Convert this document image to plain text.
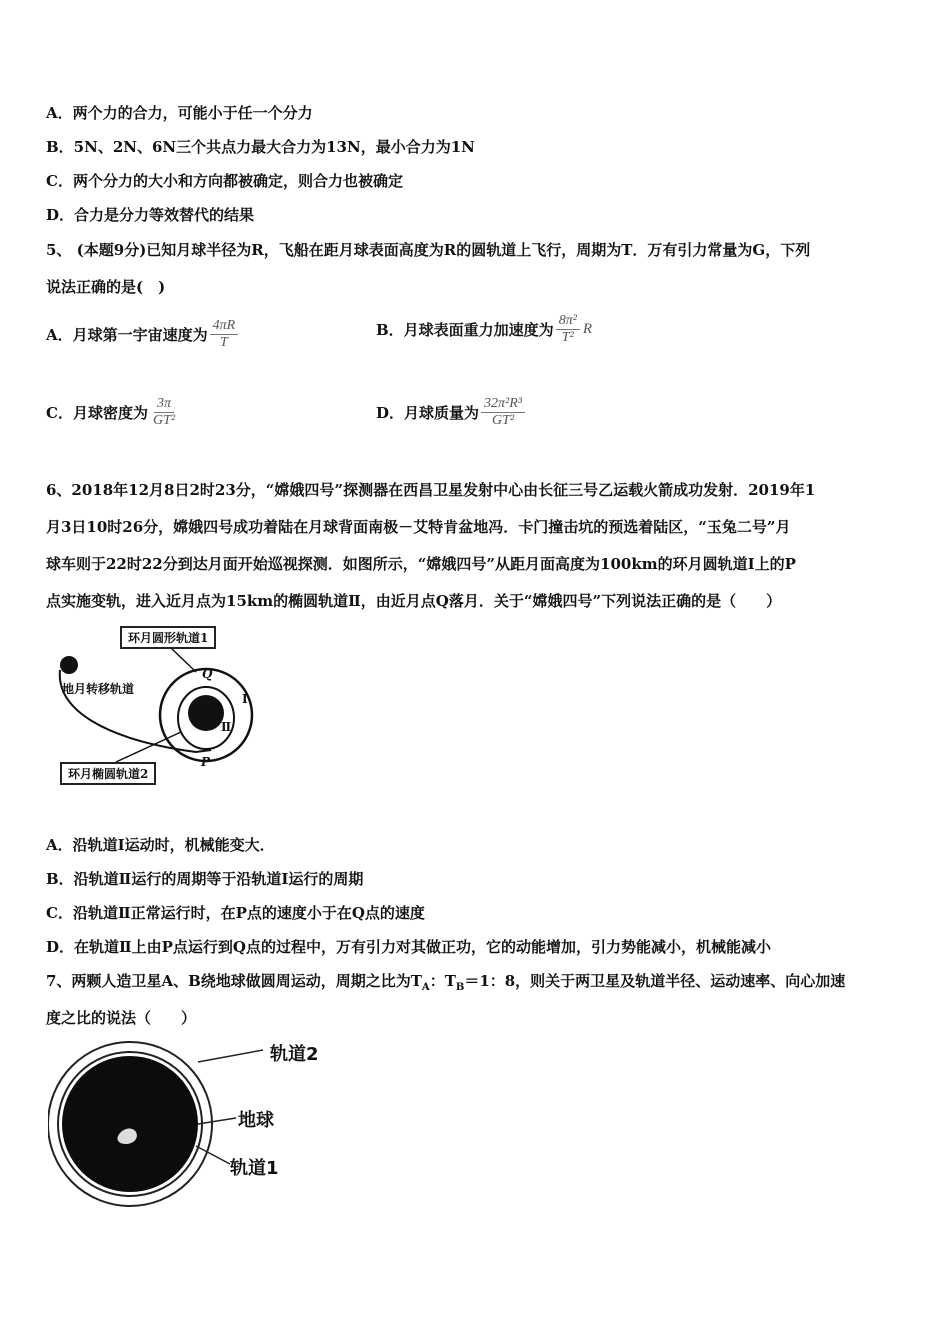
A．两个力的合力，可能小于任一个分力
B．5N、2N、6N三个共点力最大合力为13N，最小合力为1N
C．两个分力的大小和方向都被确定，则合力也被确定
D．合力是分力等效替代的结果
5、 (本题9分)已知月球半径为R，飞船在距月球表面高度为R的圆轨道上飞行，周期为T．万有引力常量为G，下列
说法正确的是(　)
A．月球第一宇宙速度为 $\frac{4\pi R}{T}$	B．月球表面重力加速度为 $\frac{\text{8π²}}{\text{T²}}$ R
C．月球密度为 $\frac{3\pi}{\text{GT²}}$	D．月球质量为 $\frac{\text{32π²R³}}{\text{GT²}}$
6、2018年12月8日2时23分，“嫦娥四号”探测器在西昌卫星发射中心由长征三号乙运载火箭成功发射．2019年1
月3日10时26分，嫦娥四号成功着陆在月球背面南极－艾特肯盆地冯．卡门撞击坑的预选着陆区，“玉兔二号”月
球车则于22时22分到达月面开始巡视探测．如图所示，“嫦娥四号”从距月面高度为100km的环月圆轨道Ⅰ上的P
点实施变轨，进入近月点为15km的椭圆轨道Ⅱ，由近月点Q落月．关于“嫦娥四号”下列说法正确的是（　　）
环月圆形轨道1
地月转移轨道
环月椭圆轨道2
Q
P
I
Ⅱ
A．沿轨道I运动时，机械能变大．
B．沿轨道Ⅱ运行的周期等于沿轨道I运行的周期
C．沿轨道Ⅱ正常运行时，在P点的速度小于在Q点的速度
D．在轨道Ⅱ上由P点运行到Q点的过程中，万有引力对其做正功，它的动能增加，引力势能减小，机械能减小
7、两颗人造卫星A、B绕地球做圆周运动，周期之比为$T_A$：$T_B=1$：8，则关于两卫星及轨道半径、运动速率、向心加速
度之比的说法（　　）
轨道2
地球
轨道1
